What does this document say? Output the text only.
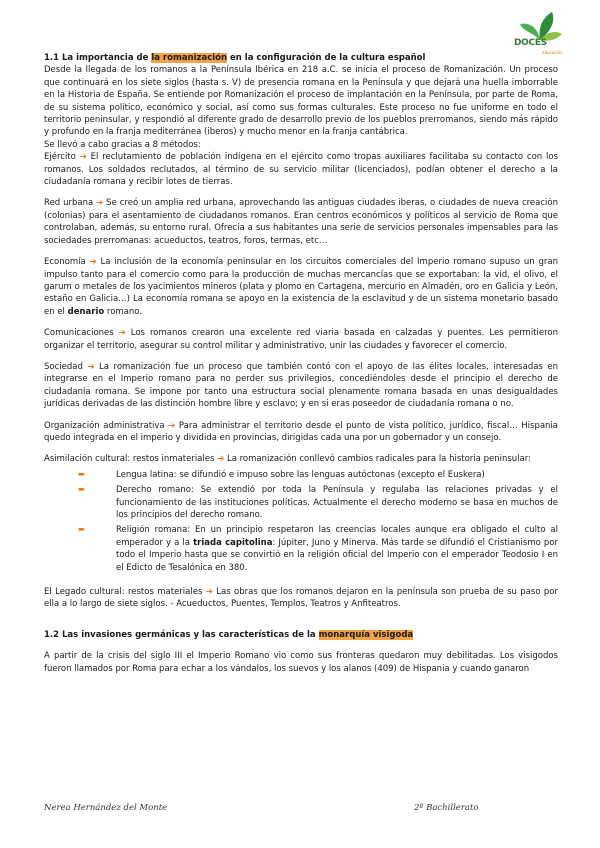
DOCES
educación

1.1 La importancia de la romanización en la configuración de la cultura español

Desde la llegada de los romanos a la Península Ibérica en 218 a.C. se inicia el proceso de Romanización. Un proceso que continuará en los siete siglos (hasta s. V) de presencia romana en la Península y que dejará una huella imborrable en la Historia de España. Se entiende por Romanización el proceso de implantación en la Península, por parte de Roma, de su sistema político, económico y social, así como sus formas culturales. Este proceso no fue uniforme en todo el territorio peninsular, y respondió al diferente grado de desarrollo previo de los pueblos prerromanos, siendo más rápido y profundo en la franja mediterránea (iberos) y mucho menor en la franja cantábrica.

Se llevó a cabo gracias a 8 métodos:

Ejército ➔ El reclutamiento de población indígena en el ejército como tropas auxiliares facilitaba su contacto con los romanos. Los soldados reclutados, al término de su servicio militar (licenciados), podían obtener el derecho a la ciudadanía romana y recibir lotes de tierras.

Red urbana ➔ Se creó un amplia red urbana, aprovechando las antiguas ciudades iberas, o ciudades de nueva creación (colonias) para el asentamiento de ciudadanos romanos. Eran centros económicos y políticos al servicio de Roma que controlaban, además, su entorno rural. Ofrecía a sus habitantes una serie de servicios personales impensables para las sociedades prerromanas: acueductos, teatros, foros, termas, etc…

Economía ➔ La inclusión de la economía peninsular en los circuitos comerciales del Imperio romano supuso un gran impulso tanto para el comercio como para la producción de muchas mercancías que se exportaban: la vid, el olivo, el garum o metales de los yacimientos mineros (plata y plomo en Cartagena, mercurio en Almadén, oro en Galicia y León, estaño en Galicia…) La economía romana se apoyo en la existencia de la esclavitud y de un sistema monetario basado en el denario romano.

Comunicaciones ➔ Los romanos crearon una excelente red viaria basada en calzadas y puentes. Les permitieron organizar el territorio, asegurar su control militar y administrativo, unir las ciudades y favorecer el comercio.

Sociedad ➔ La romanización fue un proceso que también contó con el apoyo de las élites locales, interesadas en integrarse en el Imperio romano para no perder sus privilegios, concediéndoles desde el principio el derecho de ciudadanía romana. Se impone por tanto una estructura social plenamente romana basada en unas desigualdades jurídicas derivadas de las distinción hombre libre y esclavo; y en si eras poseedor de ciudadanía romana o no.

Organización administrativa ➔ Para administrar el territorio desde el punto de vista político, jurídico, fiscal… Hispania quedo integrada en el imperio y dividida en provincias, dirigidas cada una por un gobernador y un consejo.

Asimilación cultural: restos inmateriales ➔ La romanización conllevó cambios radicales para la historia peninsular:

➨	Lengua latina: se difundió e impuso sobre las lenguas autóctonas (excepto el Euskera)
➨	Derecho romano: Se extendió por toda la Península y regulaba las relaciones privadas y el funcionamiento de las instituciones políticas. Actualmente el derecho moderno se basa en muchos de los principios del derecho romano.
➨	Religión romana: En un principio respetaron las creencias locales aunque era obligado el culto al emperador y a la triada capitolina: Júpiter, Juno y Minerva. Más tarde se difundió el Cristianismo por todo el Imperio hasta que se convirtió en la religión oficial del Imperio con el emperador Teodosio I en el Edicto de Tesalónica en 380.

El Legado cultural: restos materiales ➔ Las obras que los romanos dejaron en la península son prueba de su paso por ella a lo largo de siete siglos. - Acueductos, Puentes, Templos, Teatros y Anfiteatros.

1.2 Las invasiones germánicas y las características de la monarquía visigoda

A partir de la crisis del siglo III el Imperio Romano vio como sus fronteras quedaron muy debilitadas. Los visigodos fueron llamados por Roma para echar a los vándalos, los suevos y los alanos (409) de Hispania y cuando ganaron

Nerea Hernández del Monte	2º Bachillerato
